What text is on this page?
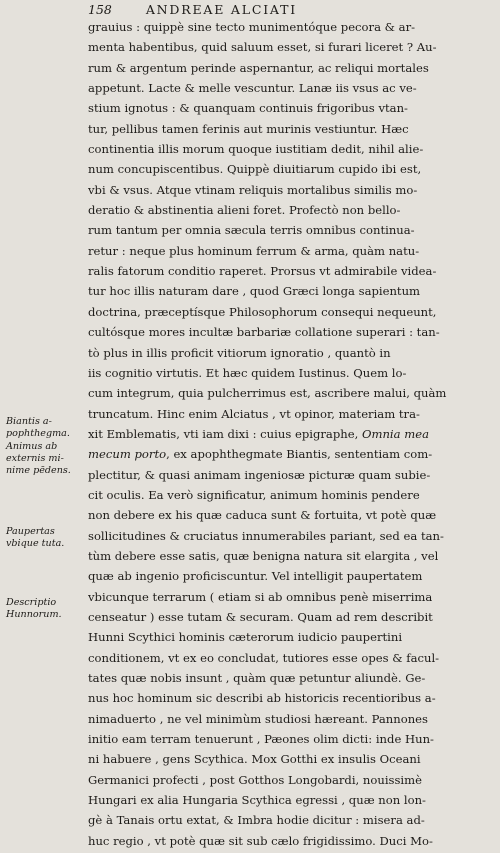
158	ANDREAE ALCIATI
grauius : quippè sine tecto munimentóque pecora & ar-
menta habentibus, quid saluum esset, si furari liceret ? Au-
rum & argentum perinde aspernantur, ac reliqui mortales
appetunt. Lacte & melle vescuntur. Lanæ iis vsus ac ve-
stium ignotus : & quanquam continuis frigoribus vtan-
tur, pellibus tamen ferinis aut murinis vestiuntur. Hæc
continentia illis morum quoque iustitiam dedit, nihil alie-
num concupiscentibus. Quippè diuitiarum cupido ibi est,
vbi & vsus. Atque vtinam reliquis mortalibus similis mo-
deratio & abstinentia alieni foret. Profectò non bello-
rum tantum per omnia sæcula terris omnibus continua-
retur : neque plus hominum ferrum & arma, quàm natu-
ralis fatorum conditio raperet. Prorsus vt admirabile videa-
tur hoc illis naturam dare , quod Græci longa sapientum
doctrina, præceptísque Philosophorum consequi nequeunt,
cultósque mores incultæ barbariæ collatione superari : tan-
tò plus in illis proficit vitiorum ignoratio , quantò in
iis cognitio virtutis. Et hæc quidem Iustinus. Quem lo-
cum integrum, quia pulcherrimus est, ascribere malui, quàm
truncatum. Hinc enim Alciatus , vt opinor, materiam tra-
xit Emblematis, vti iam dixi : cuius epigraphe, Omnia mea
mecum porto, ex apophthegmate Biantis, sententiam com-
plectitur, & quasi animam ingeniosæ picturæ quam subie-
cit oculis. Ea verò significatur, animum hominis pendere
non debere ex his quæ caduca sunt & fortuita, vt potè quæ
sollicitudines & cruciatus innumerabiles pariant, sed ea tan-
tùm debere esse satis, quæ benigna natura sit elargita , vel
quæ ab ingenio proficiscuntur. Vel intelligit paupertatem
vbicunque terrarum ( etiam si ab omnibus penè miserrima
censeatur ) esse tutam & securam. Quam ad rem describit
Hunni Scythici hominis cæterorum iudicio paupertini
conditionem, vt ex eo concludat, tutiores esse opes & facul-
tates quæ nobis insunt , quàm quæ petuntur aliundè. Ge-
nus hoc hominum sic describi ab historicis recentioribus a-
nimaduerto , ne vel minimùm studiosi hæreant. Pannones
initio eam terram tenuerunt , Pæones olim dicti: inde Hun-
ni habuere , gens Scythica. Mox Gotthi ex insulis Oceani
Germanici profecti , post Gotthos Longobardi, nouissimè
Hungari ex alia Hungaria Scythica egressi , quæ non lon-
gè à Tanais ortu extat, & Imbra hodie dicitur : misera ad-
huc regio , vt potè quæ sit sub cælo frigidissimo. Duci Mo-
Biantis a-
pophthegma.
Animus ab
externis mi-
nime pēdens.
Paupertas
vbique tuta.
Descriptio
Hunnorum.
